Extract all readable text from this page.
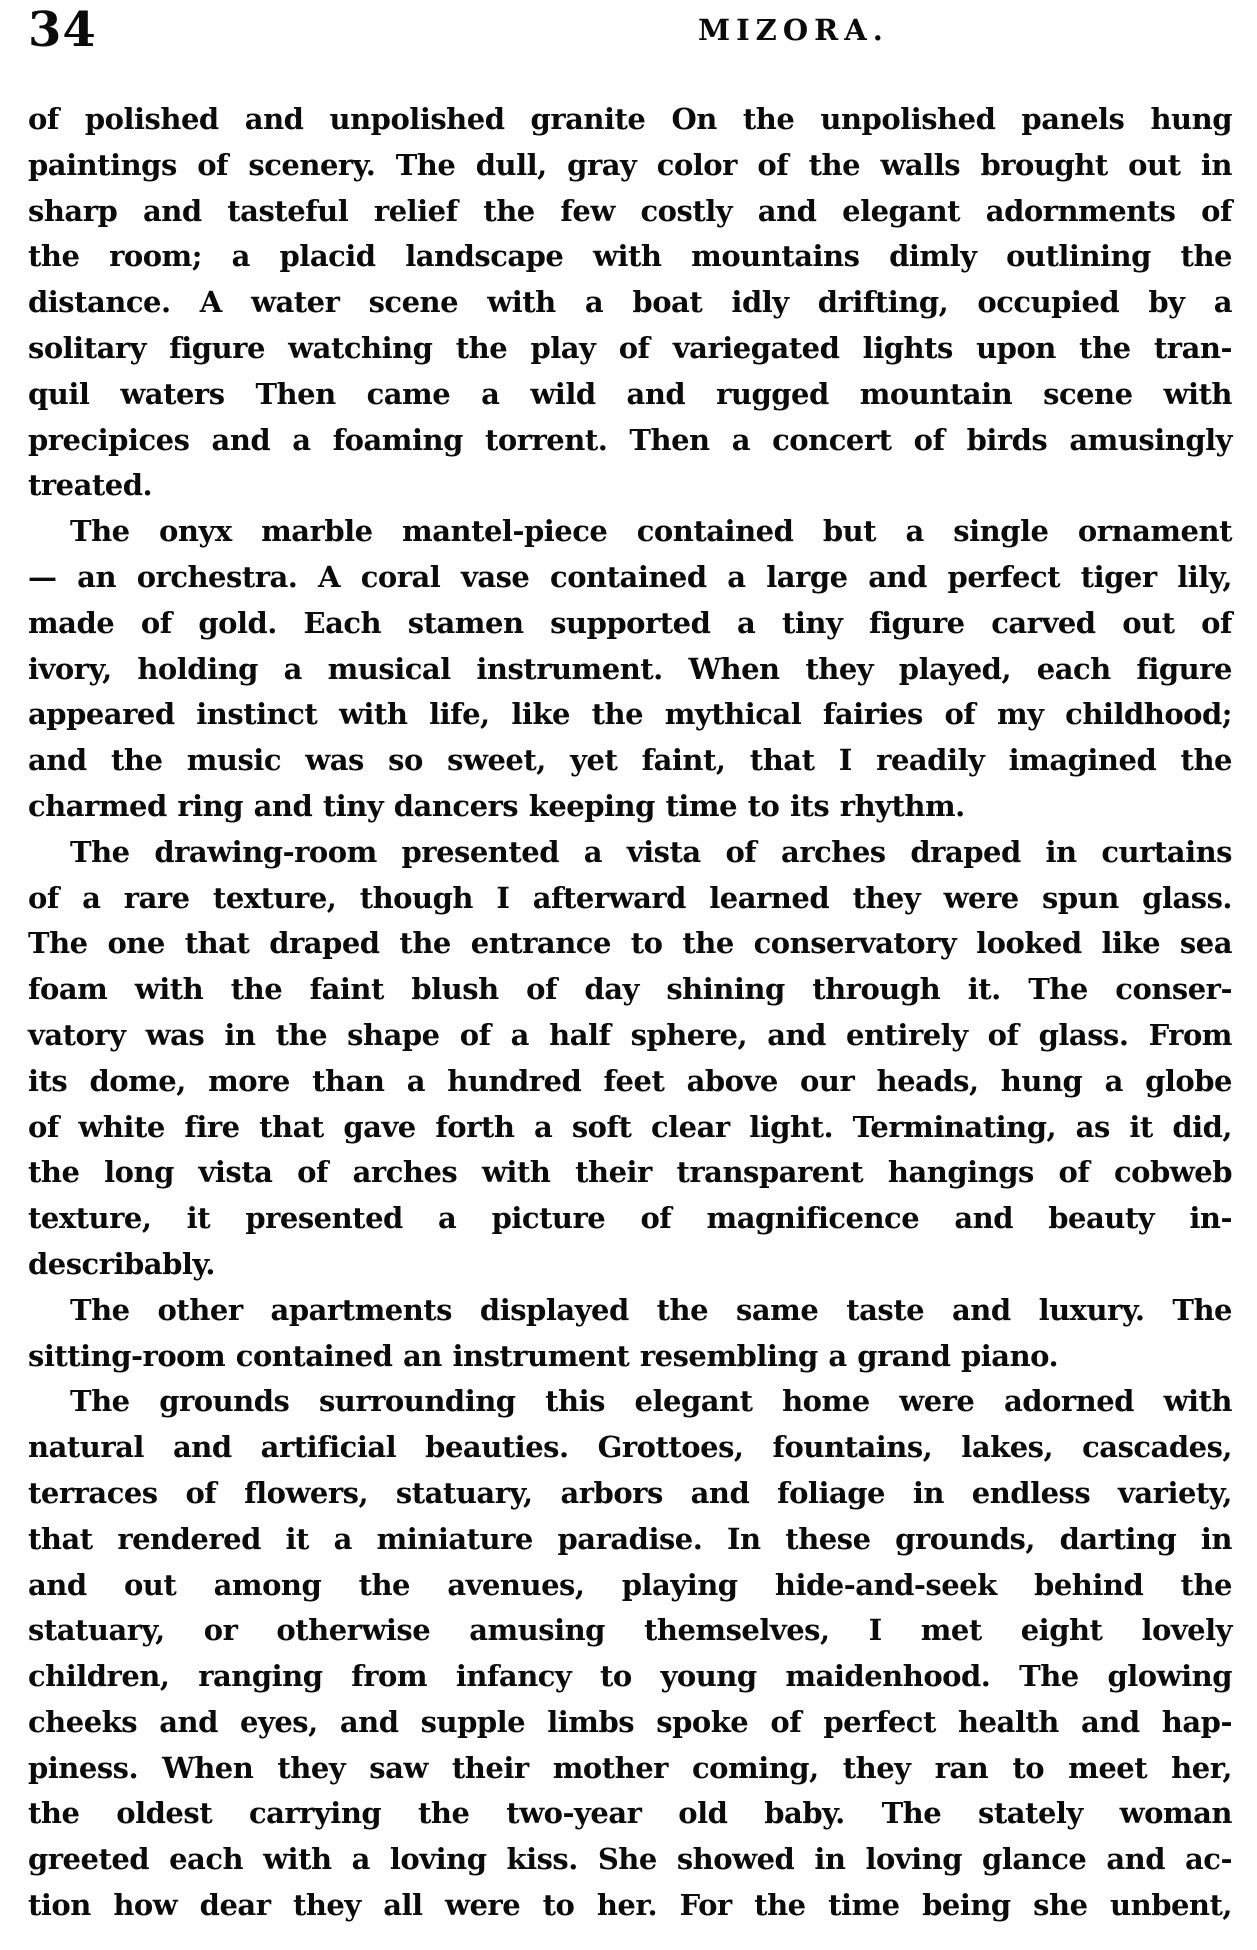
34	MIZORA.
of polished and unpolished granite On the unpolished panels hung
paintings of scenery. The dull, gray color of the walls brought out in
sharp and tasteful relief the few costly and elegant adornments of
the room; a placid landscape with mountains dimly outlining the
distance. A water scene with a boat idly drifting, occupied by a
solitary figure watching the play of variegated lights upon the tran-
quil waters Then came a wild and rugged mountain scene with
precipices and a foaming torrent. Then a concert of birds amusingly
treated.
The onyx marble mantel-piece contained but a single ornament
— an orchestra. A coral vase contained a large and perfect tiger lily,
made of gold. Each stamen supported a tiny figure carved out of
ivory, holding a musical instrument. When they played, each figure
appeared instinct with life, like the mythical fairies of my childhood;
and the music was so sweet, yet faint, that I readily imagined the
charmed ring and tiny dancers keeping time to its rhythm.
The drawing-room presented a vista of arches draped in curtains
of a rare texture, though I afterward learned they were spun glass.
The one that draped the entrance to the conservatory looked like sea
foam with the faint blush of day shining through it. The conser-
vatory was in the shape of a half sphere, and entirely of glass. From
its dome, more than a hundred feet above our heads, hung a globe
of white fire that gave forth a soft clear light. Terminating, as it did,
the long vista of arches with their transparent hangings of cobweb
texture, it presented a picture of magnificence and beauty in-
describably.
The other apartments displayed the same taste and luxury. The
sitting-room contained an instrument resembling a grand piano.
The grounds surrounding this elegant home were adorned with
natural and artificial beauties. Grottoes, fountains, lakes, cascades,
terraces of flowers, statuary, arbors and foliage in endless variety,
that rendered it a miniature paradise. In these grounds, darting in
and out among the avenues, playing hide-and-seek behind the
statuary, or otherwise amusing themselves, I met eight lovely
children, ranging from infancy to young maidenhood. The glowing
cheeks and eyes, and supple limbs spoke of perfect health and hap-
piness. When they saw their mother coming, they ran to meet her,
the oldest carrying the two-year old baby. The stately woman
greeted each with a loving kiss. She showed in loving glance and ac-
tion how dear they all were to her. For the time being she unbent,
